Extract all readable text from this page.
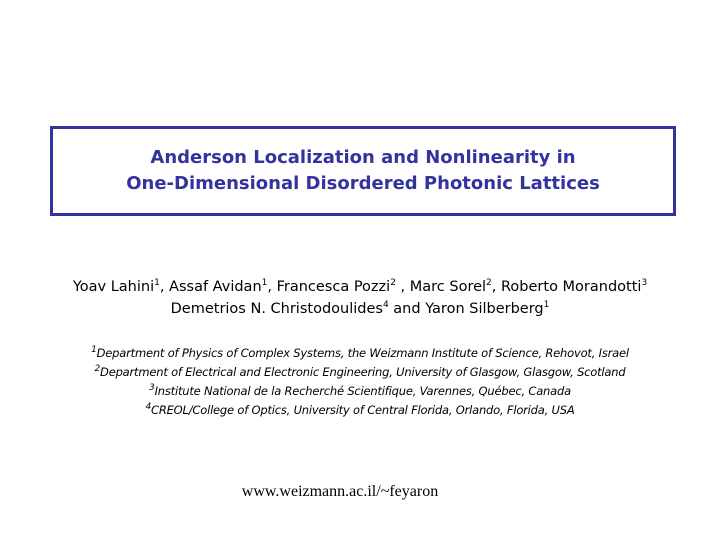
Anderson Localization and Nonlinearity in
One-Dimensional Disordered Photonic Lattices
Yoav Lahini$^1$, Assaf Avidan$^1$, Francesca Pozzi$^2$ , Marc Sorel$^2$, Roberto Morandotti$^3$
Demetrios N. Christodoulides$^4$ and Yaron Silberberg$^1$
$^1$Department of Physics of Complex Systems, the Weizmann Institute of Science, Rehovot, Israel
$^2$Department of Electrical and Electronic Engineering, University of Glasgow, Glasgow, Scotland
$^3$Institute National de la Recherché Scientifique, Varennes, Québec, Canada
$^4$CREOL/College of Optics, University of Central Florida, Orlando, Florida, USA
www.weizmann.ac.il/~feyaron
